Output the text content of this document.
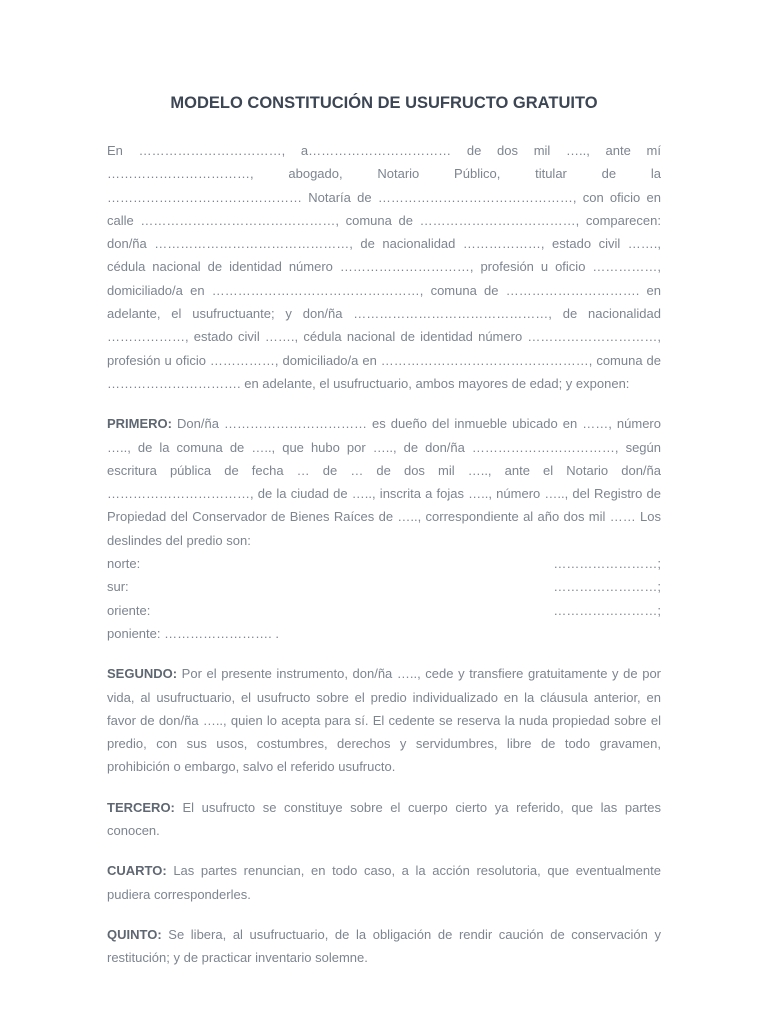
MODELO CONSTITUCIÓN DE USUFRUCTO GRATUITO

En ……………………………, a…………………………… de dos mil ….., ante mí ……………………………, abogado, Notario Público, titular de la ……………………………………… Notaría de ………………………………………, con oficio en calle ………………………………………, comuna de ………………………………, comparecen: don/ña ………………………………………, de nacionalidad ………………, estado civil ……., cédula nacional de identidad número …………………………, profesión u oficio ……………, domiciliado/a en …………………………………………, comuna de …………………………. en adelante, el usufructuante; y don/ña ………………………………………, de nacionalidad ………………, estado civil ……., cédula nacional de identidad número …………………………, profesión u oficio ……………, domiciliado/a en …………………………………………, comuna de …………………………. en adelante, el usufructuario, ambos mayores de edad; y exponen:

PRIMERO: Don/ña …………………………… es dueño del inmueble ubicado en ……, número ….., de la comuna de ….., que hubo por ….., de don/ña ……………………………, según escritura pública de fecha … de … de dos mil ….., ante el Notario don/ña ……………………………, de la ciudad de ….., inscrita a fojas ….., número ….., del Registro de Propiedad del Conservador de Bienes Raíces de ….., correspondiente al año dos mil …… Los deslindes del predio son:

norte:	……………………;
sur:	……………………;
oriente:	……………………;
poniente: ……………………. .

SEGUNDO: Por el presente instrumento, don/ña ….., cede y transfiere gratuitamente y de por vida, al usufructuario, el usufructo sobre el predio individualizado en la cláusula anterior, en favor de don/ña ….., quien lo acepta para sí. El cedente se reserva la nuda propiedad sobre el predio, con sus usos, costumbres, derechos y servidumbres, libre de todo gravamen, prohibición o embargo, salvo el referido usufructo.

TERCERO: El usufructo se constituye sobre el cuerpo cierto ya referido, que las partes conocen.

CUARTO: Las partes renuncian, en todo caso, a la acción resolutoria, que eventualmente pudiera corresponderles.

QUINTO: Se libera, al usufructuario, de la obligación de rendir caución de conservación y restitución; y de practicar inventario solemne.
